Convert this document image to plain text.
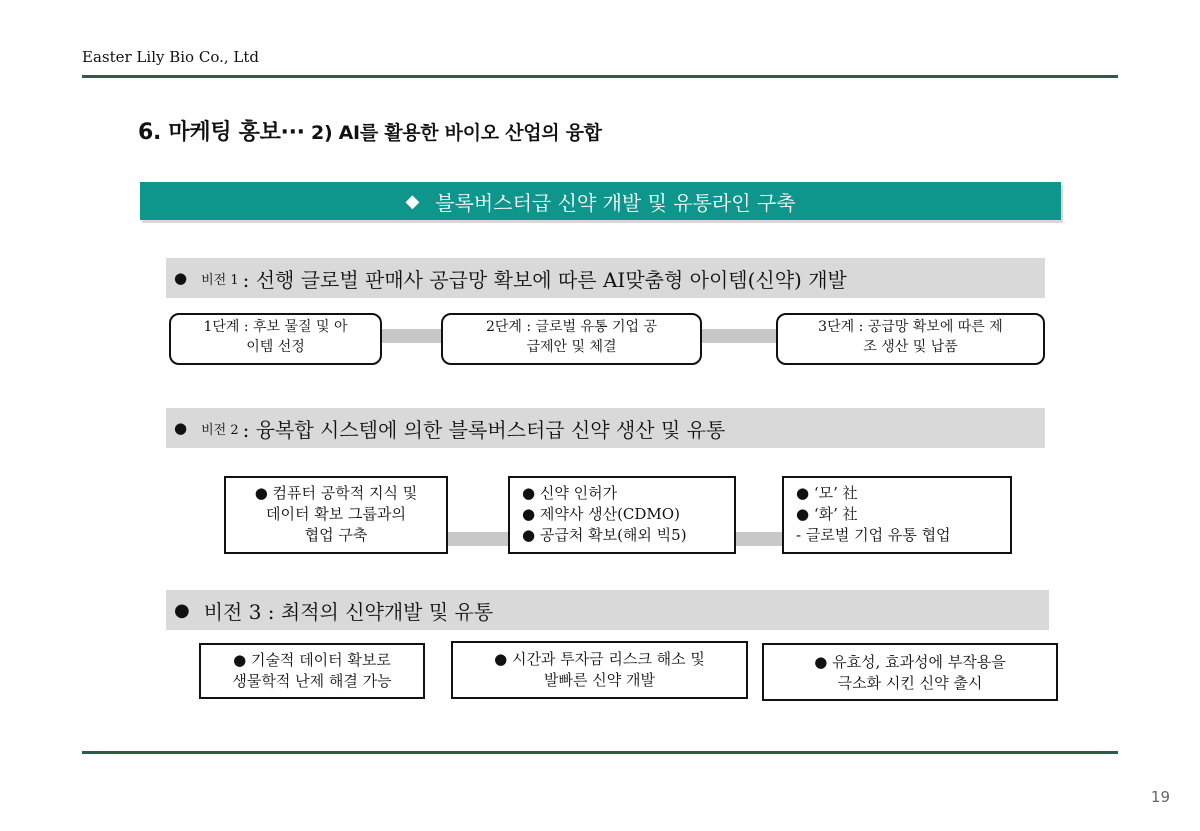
Easter Lily Bio Co., Ltd
6. 마케팅 홍보··· 2) AI를 활용한 바이오 산업의 융합
◆ 블록버스터급 신약 개발 및 유통라인 구축
● 비전 1 : 선행 글로벌 판매사 공급망 확보에 따른 AI맞춤형 아이템(신약) 개발
1단계 : 후보 물질 및 아
이템 선정
2단계 : 글로벌 유통 기업 공
급제안 및 체결
3단계 : 공급망 확보에 따른 제
조 생산 및 납품
● 비전 2 : 융복합 시스템에 의한 블록버스터급 신약 생산 및 유통
● 컴퓨터 공학적 지식 및
데이터 확보 그룹과의
협업 구축
● 신약 인허가
● 제약사 생산(CDMO)
● 공급처 확보(해외 빅5)
● ‘모’ 社
● ‘화’ 社
- 글로벌 기업 유통 협업
● 비전 3 : 최적의 신약개발 및 유통
● 기술적 데이터 확보로
생물학적 난제 해결 가능
● 시간과 투자금 리스크 해소 및
발빠른 신약 개발
● 유효성, 효과성에 부작용을
극소화 시킨 신약 출시
19
